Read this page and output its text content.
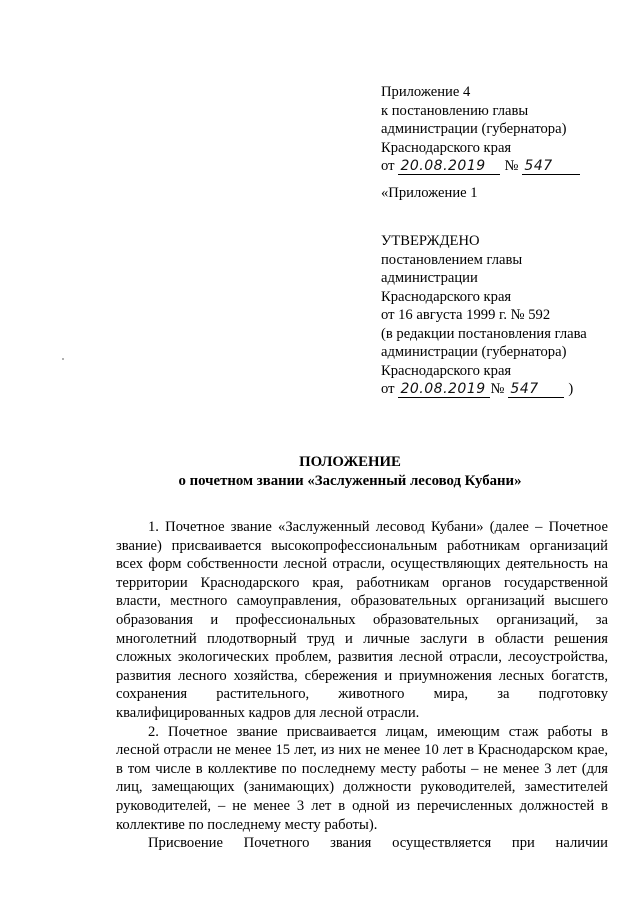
Приложение 4
к постановлению главы
администрации (губернатора)
Краснодарского края
от 20.08.2019 № 547
«Приложение 1
УТВЕРЖДЕНО
постановлением главы
администрации
Краснодарского края
от 16 августа 1999 г. № 592
(в редакции постановления глава
администрации (губернатора)
Краснодарского края
от 20.08.2019 № 547 )
ПОЛОЖЕНИЕ
о почетном звании «Заслуженный лесовод Кубани»

1. Почетное звание «Заслуженный лесовод Кубани» (далее – Почетное звание) присваивается высокопрофессиональным работникам организаций всех форм собственности лесной отрасли, осуществляющих деятельность на территории Краснодарского края, работникам органов государственной власти, местного самоуправления, образовательных организаций высшего образования и профессиональных образовательных организаций, за многолетний плодотворный труд и личные заслуги в области решения сложных экологических проблем, развития лесной отрасли, лесоустройства, развития лесного хозяйства, сбережения и приумножения лесных богатств, сохранения растительного, животного мира, за подготовку квалифицированных кадров для лесной отрасли.

2. Почетное звание присваивается лицам, имеющим стаж работы в лесной отрасли не менее 15 лет, из них не менее 10 лет в Краснодарском крае, в том числе в коллективе по последнему месту работы – не менее 3 лет (для лиц, замещающих (занимающих) должности руководителей, заместителей руководителей, – не менее 3 лет в одной из перечисленных должностей в коллективе по последнему месту работы).

Присвоение Почетного звания осуществляется при наличии
